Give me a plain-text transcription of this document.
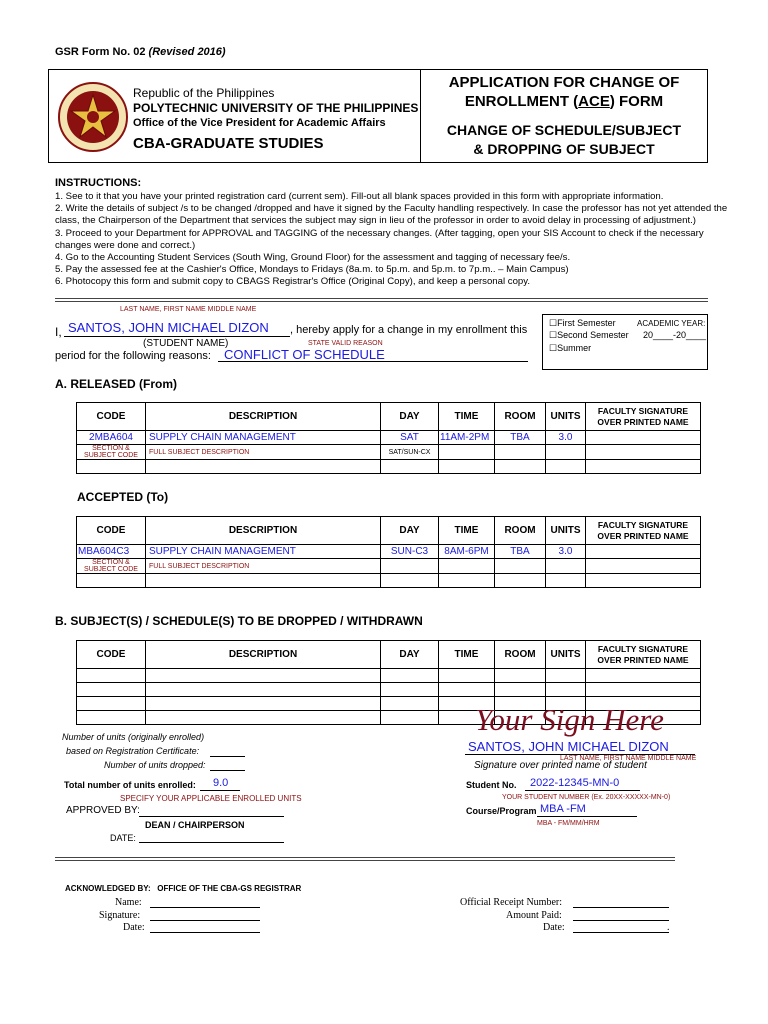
GSR Form No. 02 (Revised 2016)
Republic of the Philippines
POLYTECHNIC UNIVERSITY OF THE PHILIPPINES
Office of the Vice President for Academic Affairs
CBA-GRADUATE STUDIES
APPLICATION FOR CHANGE OF
ENROLLMENT (ACE) FORM
CHANGE OF SCHEDULE/SUBJECT
& DROPPING OF SUBJECT
INSTRUCTIONS:
1. See to it that you have your printed registration card (current sem). Fill-out all blank spaces provided in this form with appropriate information.
2. Write the details of subject /s to be changed /dropped and have it signed by the Faculty handling respectively. In case the professor has not yet attended the
class, the Chairperson of the Department that services the subject may sign in lieu of the professor in order to avoid delay in processing of adjustment.)
3. Proceed to your Department for APPROVAL and TAGGING of the necessary changes. (After tagging, open your SIS Account to check if the necessary
changes were done and correct.)
4. Go to the Accounting Student Services (South Wing, Ground Floor) for the assessment and tagging of necessary fee/s.
5. Pay the assessed fee at the Cashier's Office, Mondays to Fridays (8a.m. to 5p.m. and 5p.m. to 7p.m.. – Main Campus)
6. Photocopy this form and submit copy to CBAGS Registrar's Office (Original Copy), and keep a personal copy.
LAST NAME, FIRST NAME MIDDLE NAME
I, SANTOS, JOHN MICHAEL DIZON , hereby apply for a change in my enrollment this
(STUDENT NAME)	STATE VALID REASON
period for the following reasons: CONFLICT OF SCHEDULE
☐First Semester	ACADEMIC YEAR:
☐Second Semester 20____-20____
☐Summer
A. RELEASED (From)
CODE	DESCRIPTION	DAY	TIME	ROOM	UNITS	FACULTY SIGNATURE OVER PRINTED NAME
2MBA604	SUPPLY CHAIN MANAGEMENT	SAT	11AM-2PM	TBA	3.0	
SECTION & SUBJECT CODE	FULL SUBJECT DESCRIPTION	SAT/SUN-CX				

ACCEPTED (To)
CODE	DESCRIPTION	DAY	TIME	ROOM	UNITS	FACULTY SIGNATURE OVER PRINTED NAME
MBA604C3	SUPPLY CHAIN MANAGEMENT	SUN-C3	8AM-6PM	TBA	3.0	
SECTION & SUBJECT CODE	FULL SUBJECT DESCRIPTION					

B. SUBJECT(S) / SCHEDULE(S) TO BE DROPPED / WITHDRAWN
CODE	DESCRIPTION	DAY	TIME	ROOM	UNITS	FACULTY SIGNATURE OVER PRINTED NAME

Number of units (originally enrolled)
based on Registration Certificate:
Number of units dropped:
Total number of units enrolled: 9.0
SPECIFY YOUR APPLICABLE ENROLLED UNITS
APPROVED BY:
DEAN / CHAIRPERSON
DATE:
Your Sign Here
SANTOS, JOHN MICHAEL DIZON
LAST NAME, FIRST NAME MIDDLE NAME
Signature over printed name of student
Student No. 2022-12345-MN-0
YOUR STUDENT NUMBER (Ex. 20XX-XXXXX-MN-0)
Course/Program MBA -FM
MBA - FM/MM/HRM
ACKNOWLEDGED BY: OFFICE OF THE CBA-GS REGISTRAR
Name:
Signature:
Date:
Official Receipt Number:
Amount Paid:
Date:	.
